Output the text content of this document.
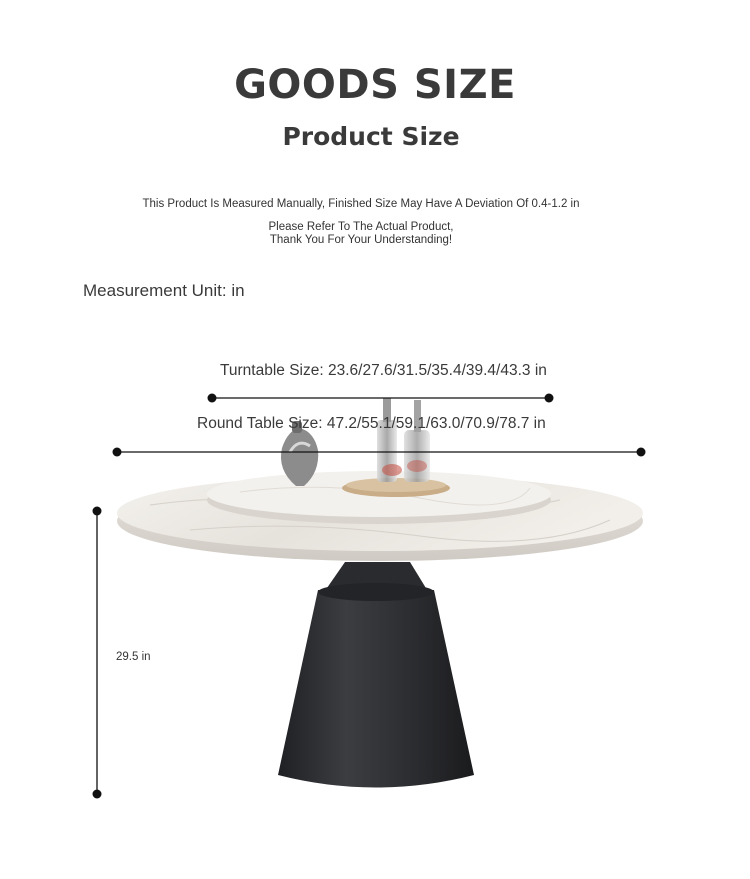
GOODS SIZE
Product Size
This Product Is Measured Manually, Finished Size May Have A Deviation Of 0.4-1.2 in
Please Refer To The Actual Product,
Thank You For Your Understanding!
Measurement Unit: in
Turntable Size: 23.6/27.6/31.5/35.4/39.4/43.3 in
Round Table Size: 47.2/55.1/59.1/63.0/70.9/78.7 in
29.5 in
